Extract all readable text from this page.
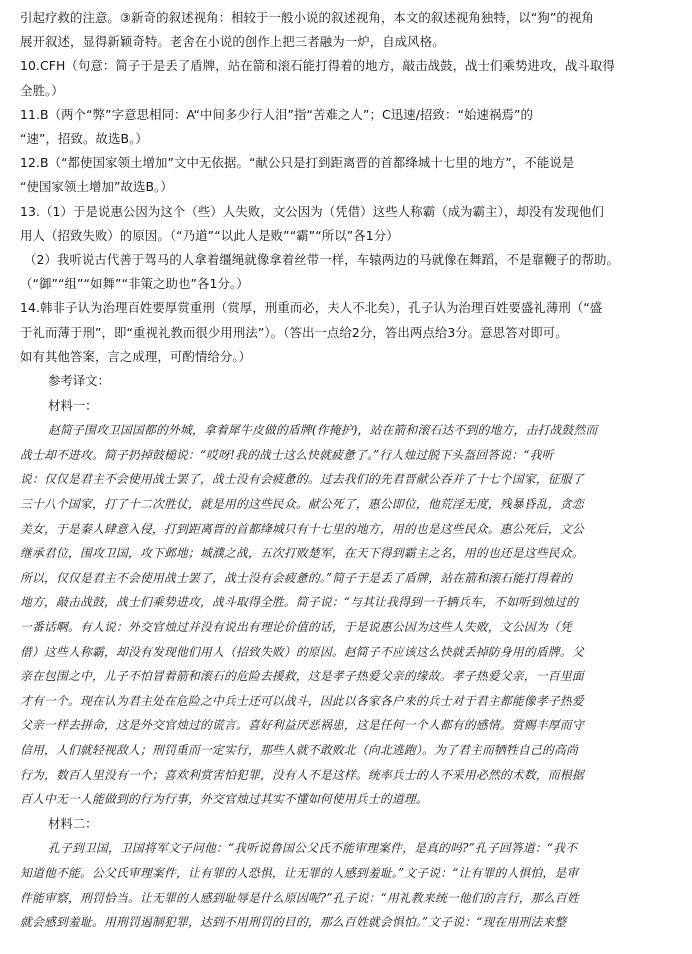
引起疗救的注意。③新奇的叙述视角：相较于一般小说的叙述视角，本文的叙述视角独特，以“狗”的视角

展开叙述，显得新颖奇特。老舍在小说的创作上把三者融为一炉，自成风格。

10.CFH（句意：简子于是丢了盾牌，站在箭和滚石能打得着的地方，敲击战鼓，战士们乘势进攻，战斗取得

全胜。）

11.B（两个“弊”字意思相同：A“中间多少行人泪”指“苦难之人”；C迅速/招致：“始速祸焉”的

“速”，招致。故选B。）

12.B（“都使国家领土增加”文中无依据。“献公只是打到距离晋的首都绛城十七里的地方”，不能说是

“使国家领土增加”故选B。）

13.（1）于是说惠公因为这个（些）人失败，文公因为（凭借）这些人称霸（成为霸主），却没有发现他们

用人（招致失败）的原因。（“乃道”“以此人是败”“霸”“所以”各1分）

（2）我听说古代善于驾马的人拿着缰绳就像拿着丝带一样，车辕两边的马就像在舞蹈，不是靠鞭子的帮助。

（“御”“组”“如舞”“非策之助也”各1分。）

14.韩非子认为治理百姓要厚赏重刑（赏厚，刑重而必，夫人不北矣），孔子认为治理百姓要盛礼薄刑（“盛

于礼而薄于刑”，即“重视礼教而很少用刑法”）。（答出一点给2分，答出两点给3分。意思答对即可。

如有其他答案，言之成理，可酌情给分。）

参考译文：

材料一：

赵简子围攻卫国国都的外城，拿着犀牛皮做的盾牌(作掩护)，站在箭和滚石达不到的地方，击打战鼓然而

战士却不进攻。简子扔掉鼓槌说：“哎呀!我的战士这么快就疲惫了。”行人烛过脱下头盔回答说：“我听

说：仅仅是君主不会使用战士罢了，战士没有会疲惫的。过去我们的先君晋献公吞并了十七个国家，征服了

三十八个国家，打了十二次胜仗，就是用的这些民众。献公死了，惠公即位，他荒淫无度，残暴昏乱，贪恋

美女，于是秦人肆意入侵，打到距离晋的首都绛城只有十七里的地方，用的也是这些民众。惠公死后，文公

继承君位，围攻卫国，攻下邺地；城濮之战，五次打败楚军，在天下得到霸主之名，用的也还是这些民众。

所以，仅仅是君主不会使用战士罢了，战士没有会疲惫的。”简子于是丢了盾牌，站在箭和滚石能打得着的

地方，敲击战鼓，战士们乘势进攻，战斗取得全胜。简子说：“与其让我得到一千辆兵车，不如听到烛过的

一番话啊。有人说：外交官烛过并没有说出有理论价值的话，于是说惠公因为这些人失败，文公因为（凭

借）这些人称霸，却没有发现他们用人（招致失败）的原因。赵简子不应该这么快就丢掉防身用的盾牌。父

亲在包围之中，儿子不怕冒着箭和滚石的危险去援救，这是孝子热爱父亲的缘故。孝子热爱父亲，一百里面

才有一个。现在认为君主处在危险之中兵士还可以战斗，因此以各家各户来的兵士对于君主都能像孝子热爱

父亲一样去拼命，这是外交官烛过的谎言。喜好利益厌恶祸患，这是任何一个人都有的感情。赏赐丰厚而守

信用，人们就轻视敌人；刑罚重而一定实行，那些人就不敢败北（向北逃跑）。为了君主而牺牲自己的高尚

行为，数百人里没有一个；喜欢利赏害怕犯罪，没有人不是这样。统率兵士的人不采用必然的术数，而根据

百人中无一人能做到的行为行事，外交官烛过其实不懂如何使用兵士的道理。

材料二：

孔子到卫国，卫国将军文子问他：“我听说鲁国公父氏不能审理案件，是真的吗?”孔子回答道：“我不

知道他不能。公父氏审理案件，让有罪的人恐惧，让无罪的人感到羞耻。”文子说：“让有罪的人惧怕，是审

件能审察，刑罚恰当。让无罪的人感到耻辱是什么原因呢?”孔子说：“用礼教来统一他们的言行，那么百姓

就会感到羞耻。用刑罚遏制犯罪，达到不用刑罚的目的，那么百姓就会惧怕。”文子说：“现在用刑法来整
